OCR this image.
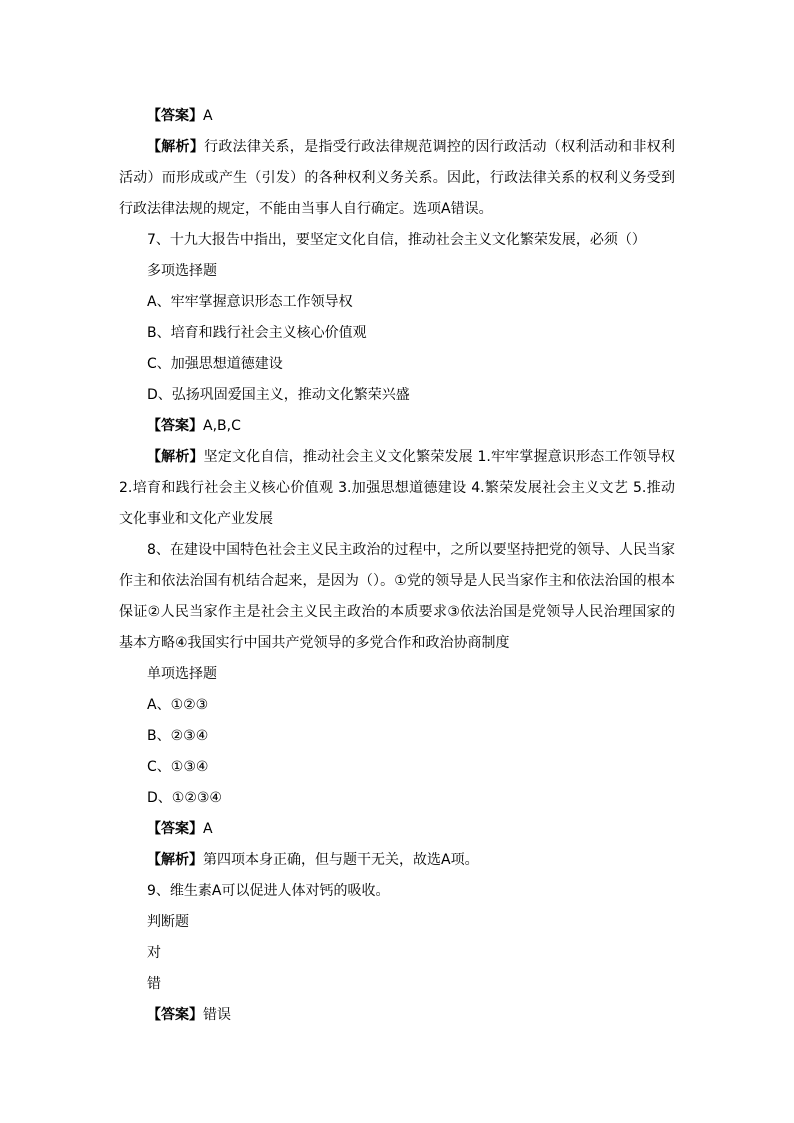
【答案】A

【解析】行政法律关系，是指受行政法律规范调控的因行政活动（权利活动和非权利活动）而形成或产生（引发）的各种权利义务关系。因此，行政法律关系的权利义务受到行政法律法规的规定，不能由当事人自行确定。选项A错误。

7、十九大报告中指出，要坚定文化自信，推动社会主义文化繁荣发展，必须（）
多项选择题
A、牢牢掌握意识形态工作领导权
B、培育和践行社会主义核心价值观
C、加强思想道德建设
D、弘扬巩固爱国主义，推动文化繁荣兴盛
【答案】A,B,C

【解析】坚定文化自信，推动社会主义文化繁荣发展 1.牢牢掌握意识形态工作领导权 2.培育和践行社会主义核心价值观 3.加强思想道德建设 4.繁荣发展社会主义文艺 5.推动文化事业和文化产业发展

8、在建设中国特色社会主义民主政治的过程中，之所以要坚持把党的领导、人民当家作主和依法治国有机结合起来，是因为（）。①党的领导是人民当家作主和依法治国的根本保证②人民当家作主是社会主义民主政治的本质要求③依法治国是党领导人民治理国家的基本方略④我国实行中国共产党领导的多党合作和政治协商制度

单项选择题
A、①②③
B、②③④
C、①③④
D、①②③④
【答案】A
【解析】第四项本身正确，但与题干无关，故选A项。
9、维生素A可以促进人体对钙的吸收。
判断题
对
错
【答案】错误
